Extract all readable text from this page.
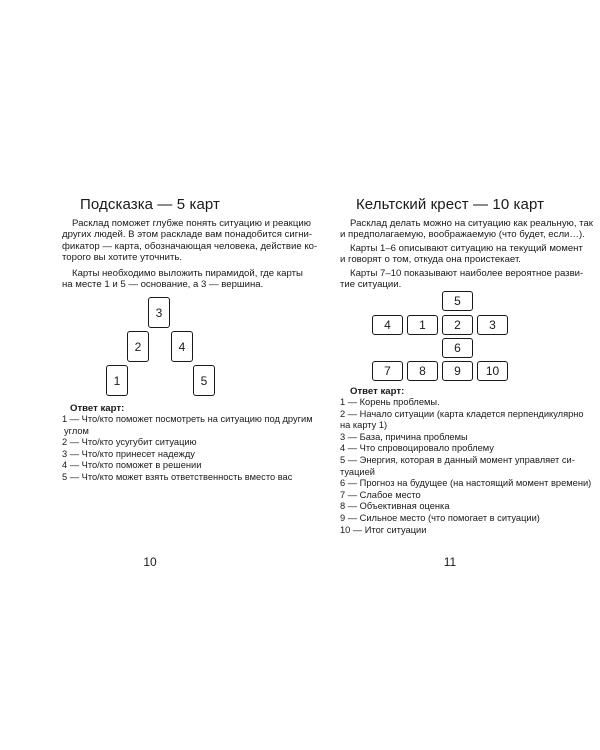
Подсказка — 5 карт

Расклад поможет глубже понять ситуацию и реакцию
других людей. В этом раскладе вам понадобится сигни-
фикатор — карта, обозначающая человека, действие ко-
торого вы хотите уточнить.

Карты необходимо выложить пирамидой, где карты
на месте 1 и 5 — основание, а 3 — вершина.

3
2	4
1	5
Ответ карт:
1 — Что/кто поможет посмотреть на ситуацию под другим
углом
2 — Что/кто усугубит ситуацию
3 — Что/кто принесет надежду
4 — Что/кто поможет в решении
5 — Что/кто может взять ответственность вместо вас
10
Кельтский крест — 10 карт

Расклад делать можно на ситуацию как реальную, так
и предполагаемую, воображаемую (что будет, если…).

Карты 1–6 описывают ситуацию на текущий момент
и говорят о том, откуда она проистекает.

Карты 7–10 показывают наиболее вероятное разви-
тие ситуации.

5
4	1	2	3
6
7	8	9	10
Ответ карт:
1 — Корень проблемы.
2 — Начало ситуации (карта кладется перпендикулярно
на карту 1)
3 — База, причина проблемы
4 — Что спровоцировало проблему
5 — Энергия, которая в данный момент управляет си-
туацией
6 — Прогноз на будущее (на настоящий момент времени)
7 — Слабое место
8 — Объективная оценка
9 — Сильное место (что помогает в ситуации)
10 — Итог ситуации
11
